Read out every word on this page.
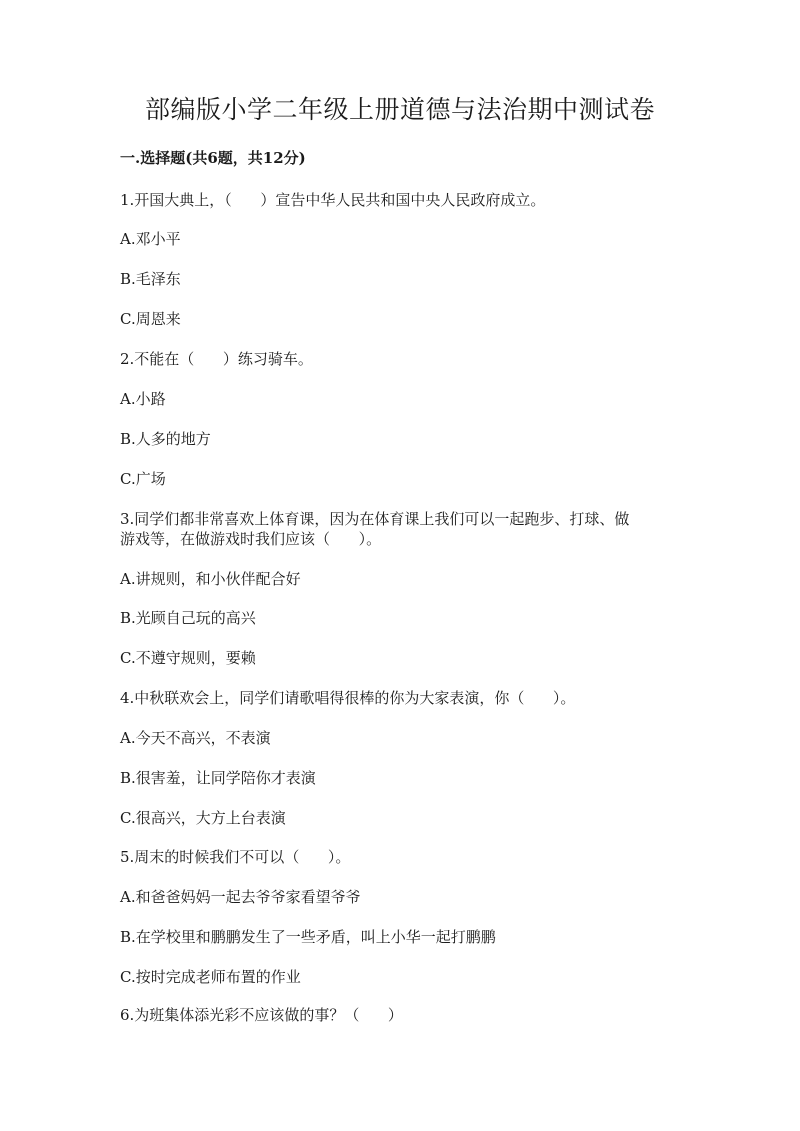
部编版小学二年级上册道德与法治期中测试卷
一.选择题(共6题，共12分)
1.开国大典上，（      ）宣告中华人民共和国中央人民政府成立。
A.邓小平
B.毛泽东
C.周恩来
2.不能在（      ）练习骑车。
A.小路
B.人多的地方
C.广场
3.同学们都非常喜欢上体育课，因为在体育课上我们可以一起跑步、打球、做
游戏等，在做游戏时我们应该（      ）。
A.讲规则，和小伙伴配合好
B.光顾自己玩的高兴
C.不遵守规则，要赖
4.中秋联欢会上，同学们请歌唱得很棒的你为大家表演，你（      ）。
A.今天不高兴，不表演
B.很害羞，让同学陪你才表演
C.很高兴，大方上台表演
5.周末的时候我们不可以（      ）。
A.和爸爸妈妈一起去爷爷家看望爷爷
B.在学校里和鹏鹏发生了一些矛盾，叫上小华一起打鹏鹏
C.按时完成老师布置的作业
6.为班集体添光彩不应该做的事？（      ）
